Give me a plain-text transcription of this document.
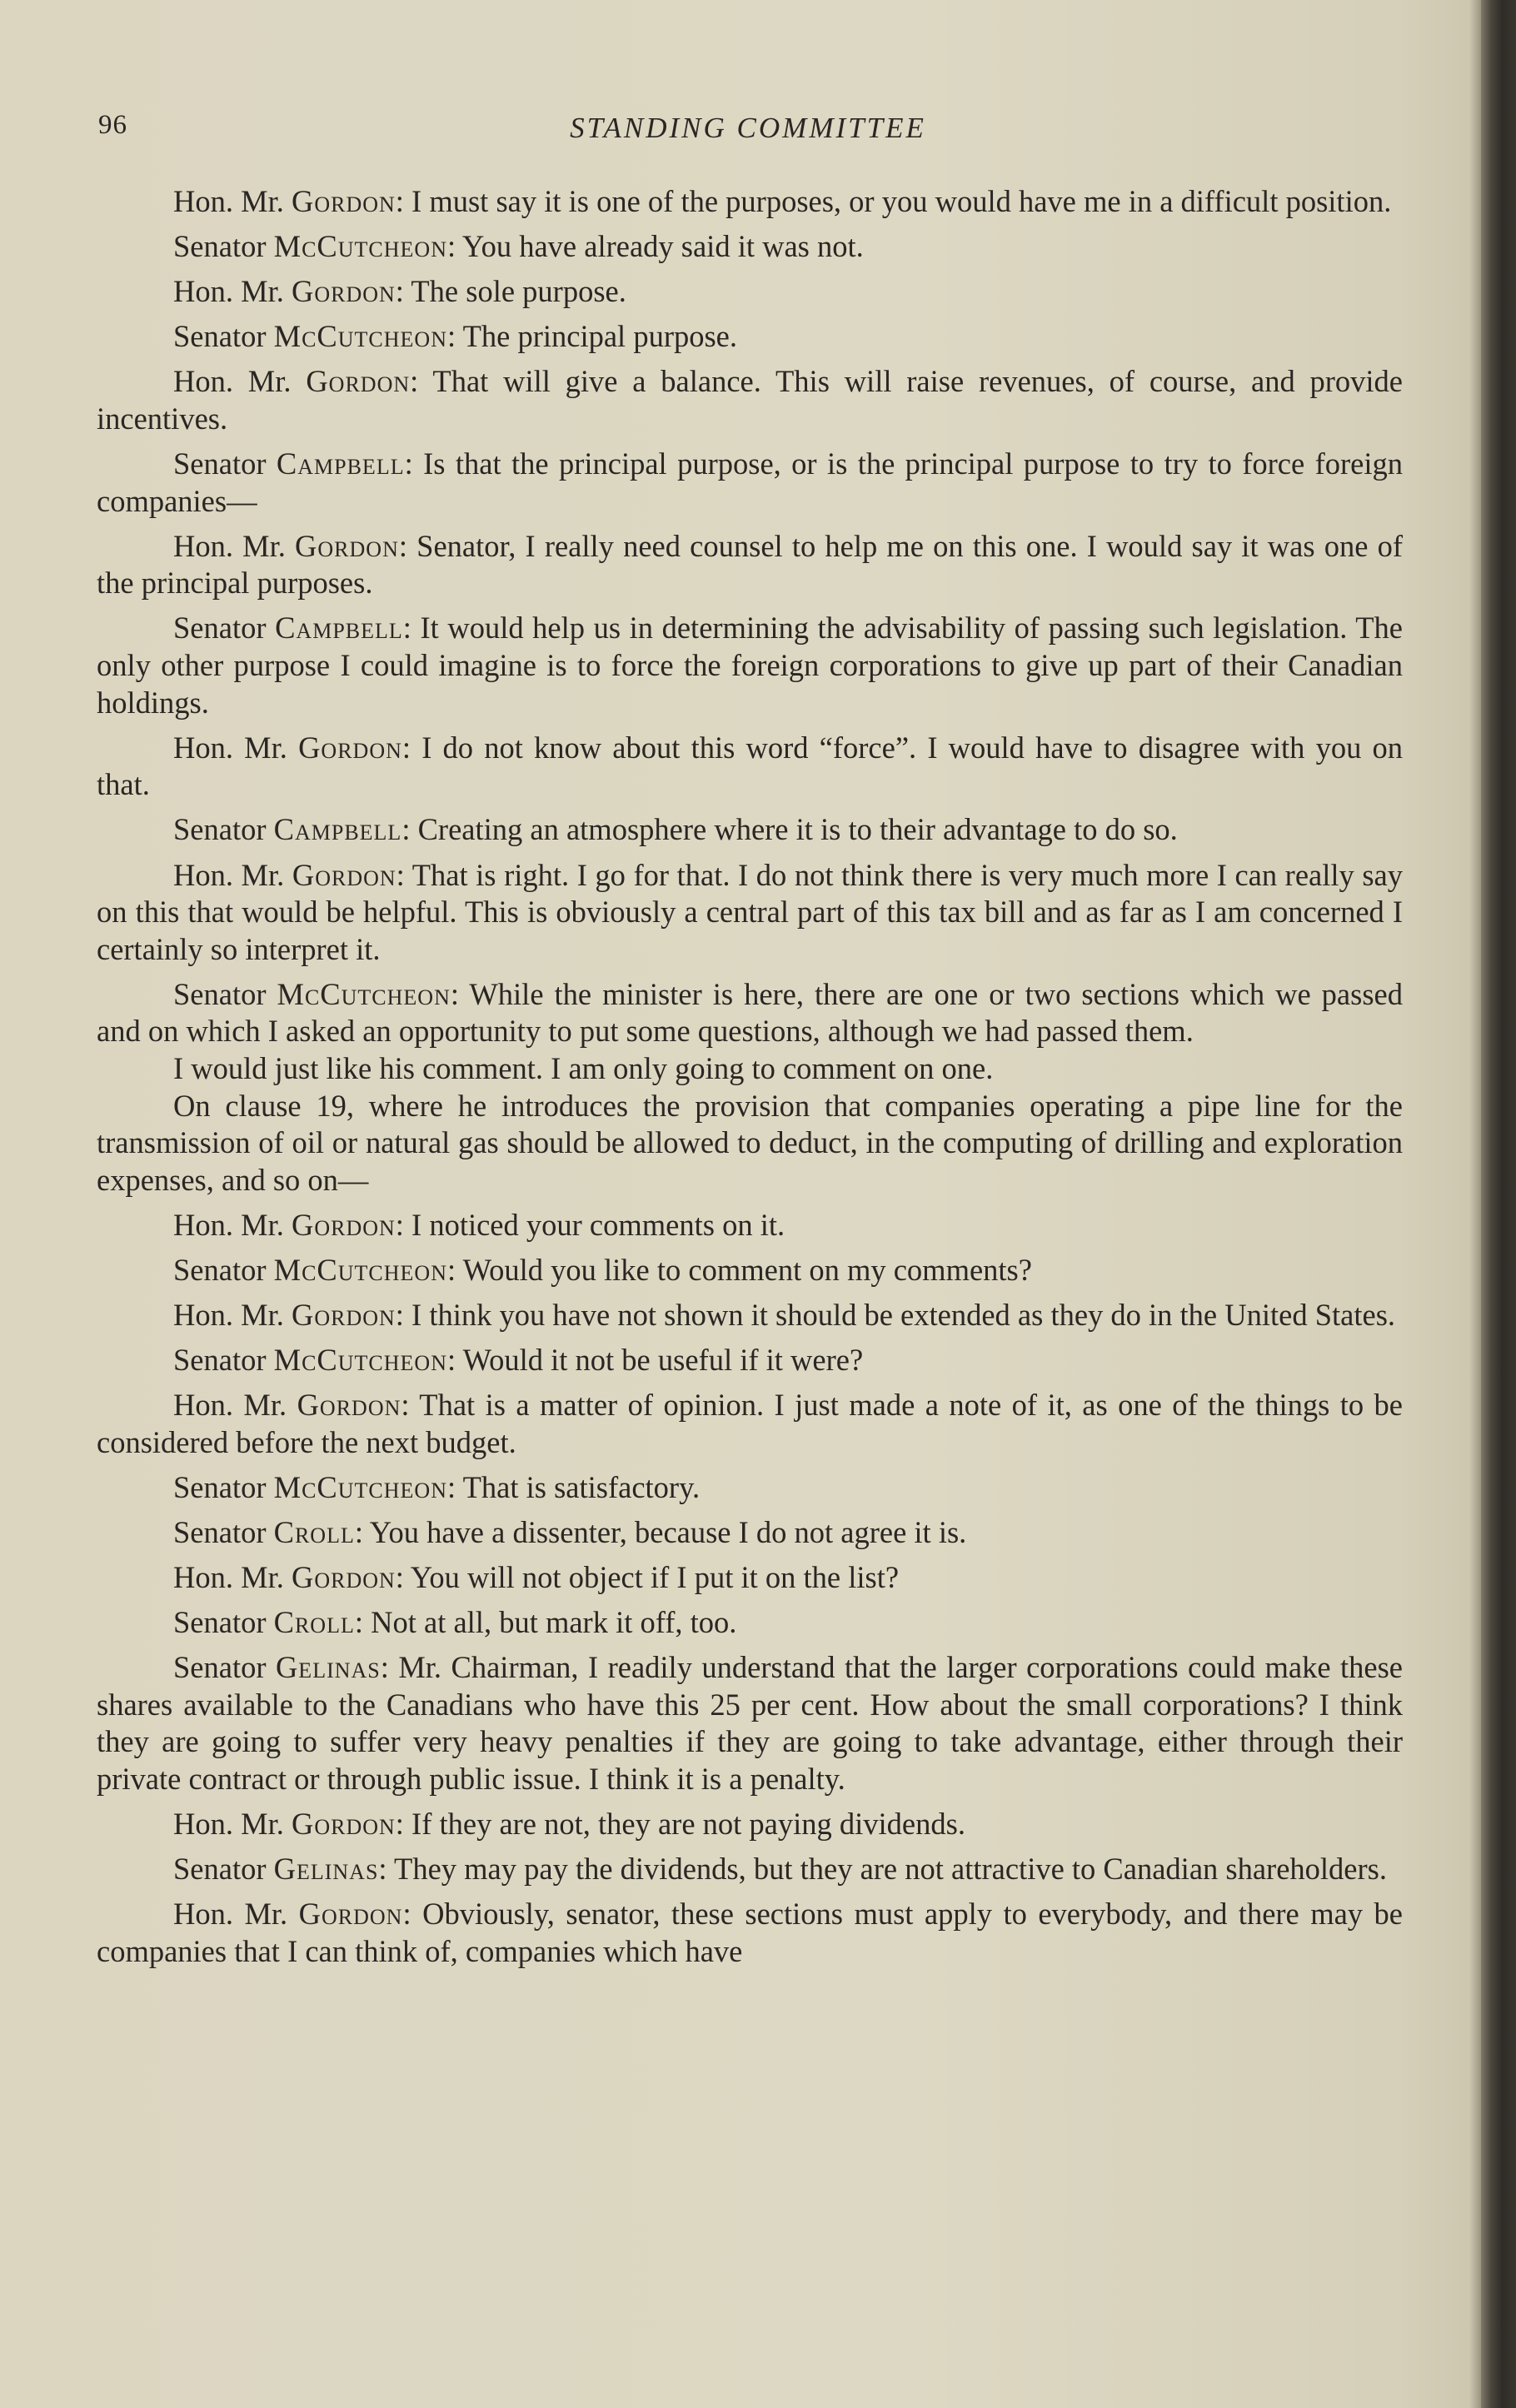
96	STANDING COMMITTEE

Hon. Mr. Gordon: I must say it is one of the purposes, or you would have me in a difficult position.

Senator McCutcheon: You have already said it was not.

Hon. Mr. Gordon: The sole purpose.

Senator McCutcheon: The principal purpose.

Hon. Mr. Gordon: That will give a balance. This will raise revenues, of course, and provide incentives.

Senator Campbell: Is that the principal purpose, or is the principal purpose to try to force foreign companies—

Hon. Mr. Gordon: Senator, I really need counsel to help me on this one. I would say it was one of the principal purposes.

Senator Campbell: It would help us in determining the advisability of passing such legislation. The only other purpose I could imagine is to force the foreign corporations to give up part of their Canadian holdings.

Hon. Mr. Gordon: I do not know about this word “force”. I would have to disagree with you on that.

Senator Campbell: Creating an atmosphere where it is to their advantage to do so.

Hon. Mr. Gordon: That is right. I go for that. I do not think there is very much more I can really say on this that would be helpful. This is obviously a central part of this tax bill and as far as I am concerned I certainly so interpret it.

Senator McCutcheon: While the minister is here, there are one or two sections which we passed and on which I asked an opportunity to put some questions, although we had passed them.

I would just like his comment. I am only going to comment on one.

On clause 19, where he introduces the provision that companies operating a pipe line for the transmission of oil or natural gas should be allowed to deduct, in the computing of drilling and exploration expenses, and so on—

Hon. Mr. Gordon: I noticed your comments on it.

Senator McCutcheon: Would you like to comment on my comments?

Hon. Mr. Gordon: I think you have not shown it should be extended as they do in the United States.

Senator McCutcheon: Would it not be useful if it were?

Hon. Mr. Gordon: That is a matter of opinion. I just made a note of it, as one of the things to be considered before the next budget.

Senator McCutcheon: That is satisfactory.

Senator Croll: You have a dissenter, because I do not agree it is.

Hon. Mr. Gordon: You will not object if I put it on the list?

Senator Croll: Not at all, but mark it off, too.

Senator Gelinas: Mr. Chairman, I readily understand that the larger corporations could make these shares available to the Canadians who have this 25 per cent. How about the small corporations? I think they are going to suffer very heavy penalties if they are going to take advantage, either through their private contract or through public issue. I think it is a penalty.

Hon. Mr. Gordon: If they are not, they are not paying dividends.

Senator Gelinas: They may pay the dividends, but they are not attractive to Canadian shareholders.

Hon. Mr. Gordon: Obviously, senator, these sections must apply to everybody, and there may be companies that I can think of, companies which have
